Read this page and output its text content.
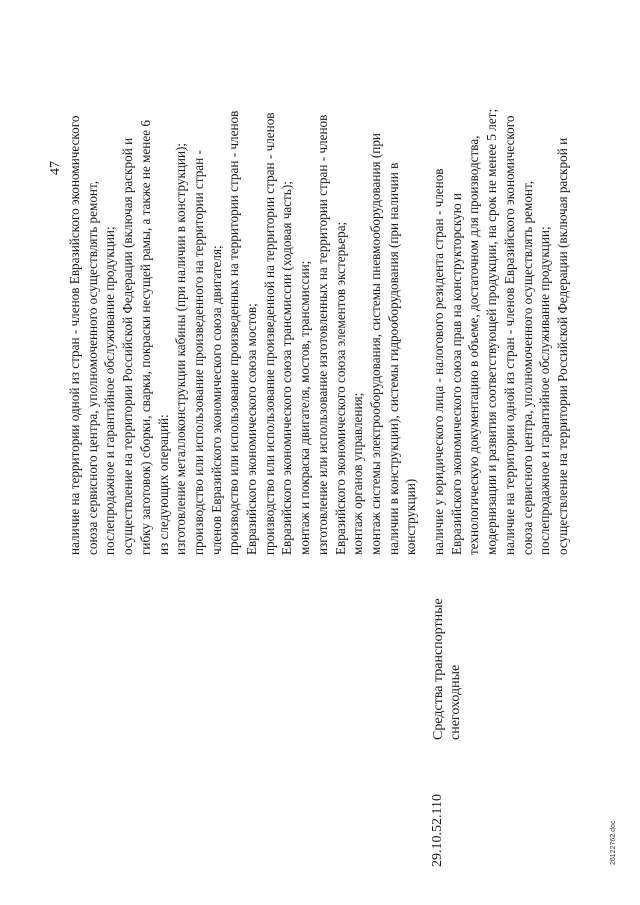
47 наличие на территории одной из стран - членов Евразийского экономического союза сервисного центра, уполномоченного осуществлять ремонт, послепродажное и гарантийное обслуживание продукции; осуществление на территории Российской Федерации (включая раскрой и гибку заготовок) сборки, сварки, покраски несущей рамы, а также не менее 6 из следующих операций: изготовление металлоконструкции кабины (при наличии в конструкции); производство или использование произведенного на территории стран - членов Евразийского экономического союза двигателя; производство или использование произведенных на территории стран - членов Евразийского экономического союза мостов; производство или использование произведенной на территории стран - членов Евразийского экономического союза трансмиссии (ходовая часть); монтаж и покраска двигателя, мостов, трансмиссии; изготовление или использование изготовленных на территории стран - членов Евразийского экономического союза элементов экстерьера; монтаж органов управления; монтаж системы электрооборудования, системы пневмооборудования (при наличии в конструкции), системы гидрооборудования (при наличии в конструкции)

29.10.52.110
Средства транспортные снегоходные

наличие у юридического лица - налогового резидента стран - членов Евразийского экономического союза прав на конструкторскую и технологическую документацию в объеме, достаточном для производства, модернизации и развития соответствующей продукции, на срок не менее 5 лет; наличие на территории одной из стран - членов Евразийского экономического союза сервисного центра, уполномоченного осуществлять ремонт, послепродажное и гарантийное обслуживание продукции; осуществление на территории Российской Федерации (включая раскрой и

26122762.doc
